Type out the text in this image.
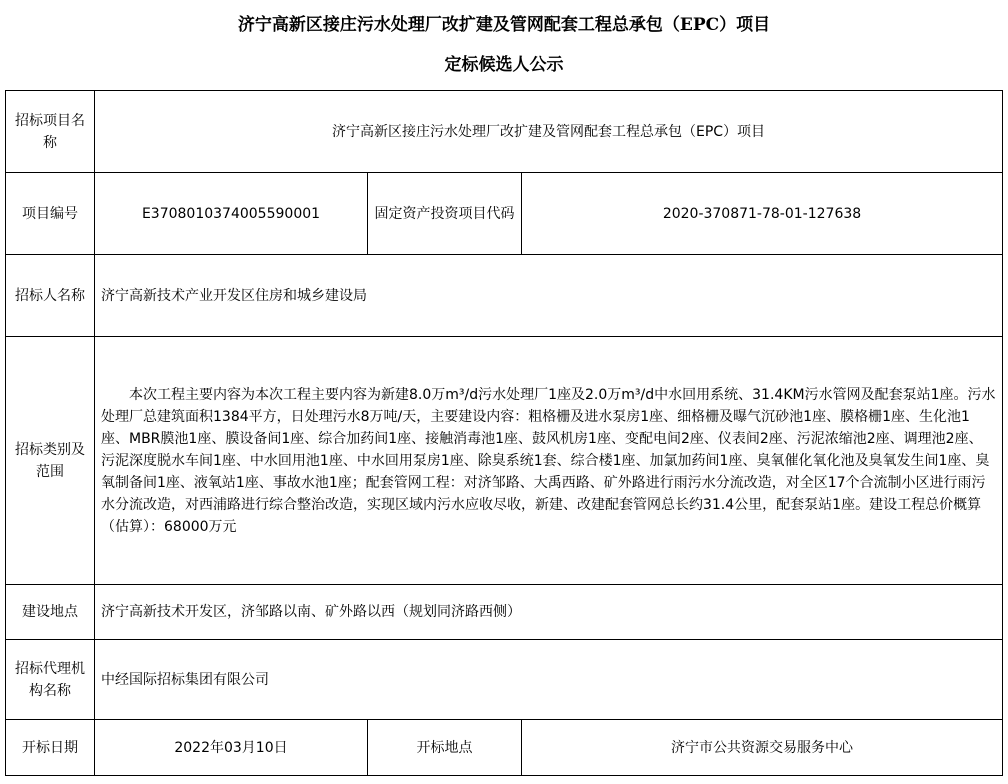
济宁高新区接庄污水处理厂改扩建及管网配套工程总承包（EPC）项目
定标候选人公示
招标项目名称	济宁高新区接庄污水处理厂改扩建及管网配套工程总承包（EPC）项目		
项目编号	E3708010374005590001	固定资产投资项目代码	2020-370871-78-01-127638
招标人名称	济宁高新技术产业开发区住房和城乡建设局		
招标类别及范围	本次工程主要内容为本次工程主要内容为新建8.0万m³/d污水处理厂1座及2.0万m³/d中水回用系统、31.4KM污水管网及配套泵站1座。污水处理厂总建筑面积1384平方，日处理污水8万吨/天，主要建设内容：粗格栅及进水泵房1座、细格栅及曝气沉砂池1座、膜格栅1座、生化池1座、MBR膜池1座、膜设备间1座、综合加药间1座、接触消毒池1座、鼓风机房1座、变配电间2座、仪表间2座、污泥浓缩池2座、调理池2座、污泥深度脱水车间1座、中水回用池1座、中水回用泵房1座、除臭系统1套、综合楼1座、加氯加药间1座、臭氧催化氧化池及臭氧发生间1座、臭氧制备间1座、液氧站1座、事故水池1座；配套管网工程：对济邹路、大禹西路、矿外路进行雨污水分流改造，对全区17个合流制小区进行雨污水分流改造，对西浦路进行综合整治改造，实现区域内污水应收尽收，新建、改建配套管网总长约31.4公里，配套泵站1座。建设工程总价概算（估算）：68000万元		

建设地点	济宁高新技术开发区，济邹路以南、矿外路以西（规划同济路西侧）		
招标代理机构名称	中经国际招标集团有限公司		
开标日期	2022年03月10日	开标地点	济宁市公共资源交易服务中心
